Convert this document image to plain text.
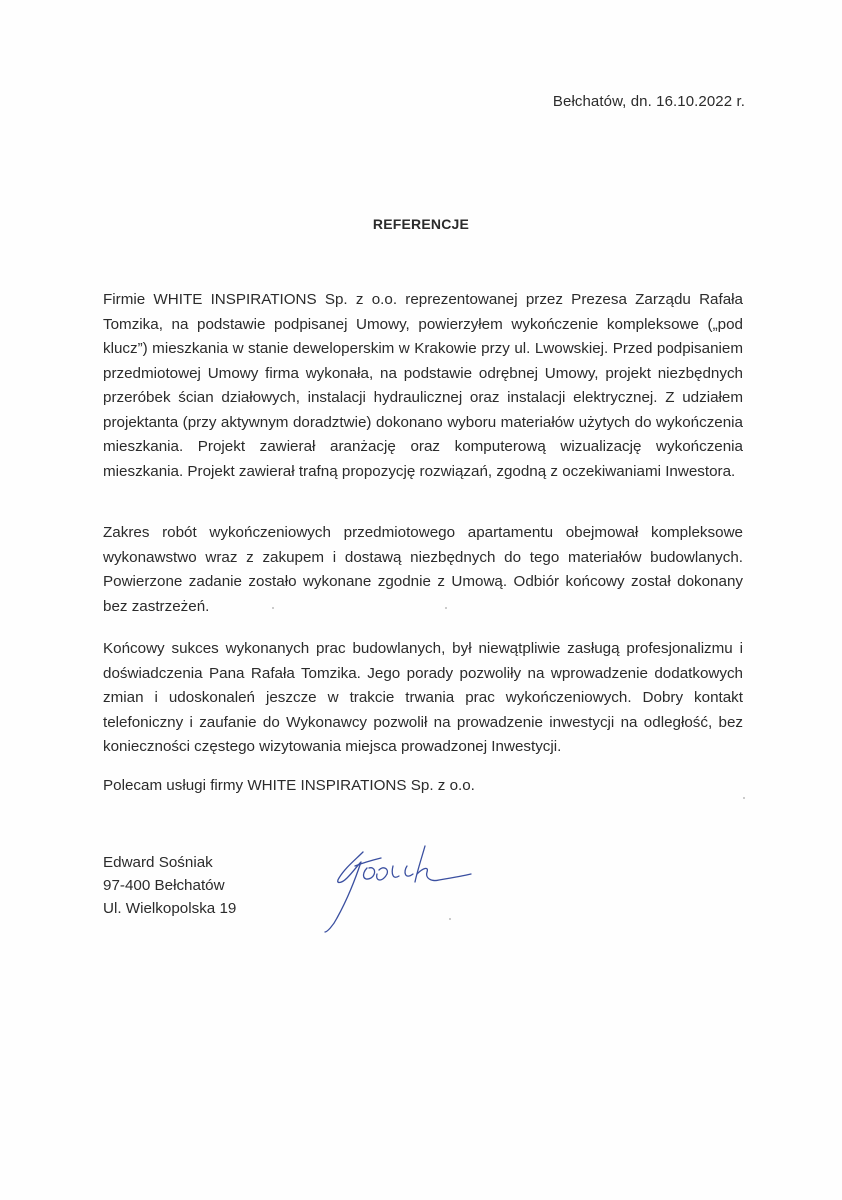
Bełchatów, dn. 16.10.2022 r.
REFERENCJE

Firmie WHITE INSPIRATIONS Sp. z o.o. reprezentowanej przez Prezesa Zarządu Rafała Tomzika, na podstawie podpisanej Umowy, powierzyłem wykończenie kompleksowe („pod klucz”) mieszkania w stanie deweloperskim w Krakowie przy ul. Lwowskiej. Przed podpisaniem przedmiotowej Umowy firma wykonała, na podstawie odrębnej Umowy, projekt niezbędnych przeróbek ścian działowych, instalacji hydraulicznej oraz instalacji elektrycznej. Z udziałem projektanta (przy aktywnym doradztwie) dokonano wyboru materiałów użytych do wykończenia mieszkania. Projekt zawierał aranżację oraz komputerową wizualizację wykończenia mieszkania. Projekt zawierał trafną propozycję rozwiązań, zgodną z oczekiwaniami Inwestora.

Zakres robót wykończeniowych przedmiotowego apartamentu obejmował kompleksowe wykonawstwo wraz z zakupem i dostawą niezbędnych do tego materiałów budowlanych. Powierzone zadanie zostało wykonane zgodnie z Umową. Odbiór końcowy został dokonany bez zastrzeżeń.

Końcowy sukces wykonanych prac budowlanych, był niewątpliwie zasługą profesjonalizmu i doświadczenia Pana Rafała Tomzika. Jego porady pozwoliły na wprowadzenie dodatkowych zmian i udoskonaleń jeszcze w trakcie trwania prac wykończeniowych. Dobry kontakt telefoniczny i zaufanie do Wykonawcy pozwolił na prowadzenie inwestycji na odległość, bez konieczności częstego wizytowania miejsca prowadzonej Inwestycji.

Polecam usługi firmy WHITE INSPIRATIONS Sp. z o.o.

Edward Sośniak
97-400 Bełchatów
Ul. Wielkopolska 19
